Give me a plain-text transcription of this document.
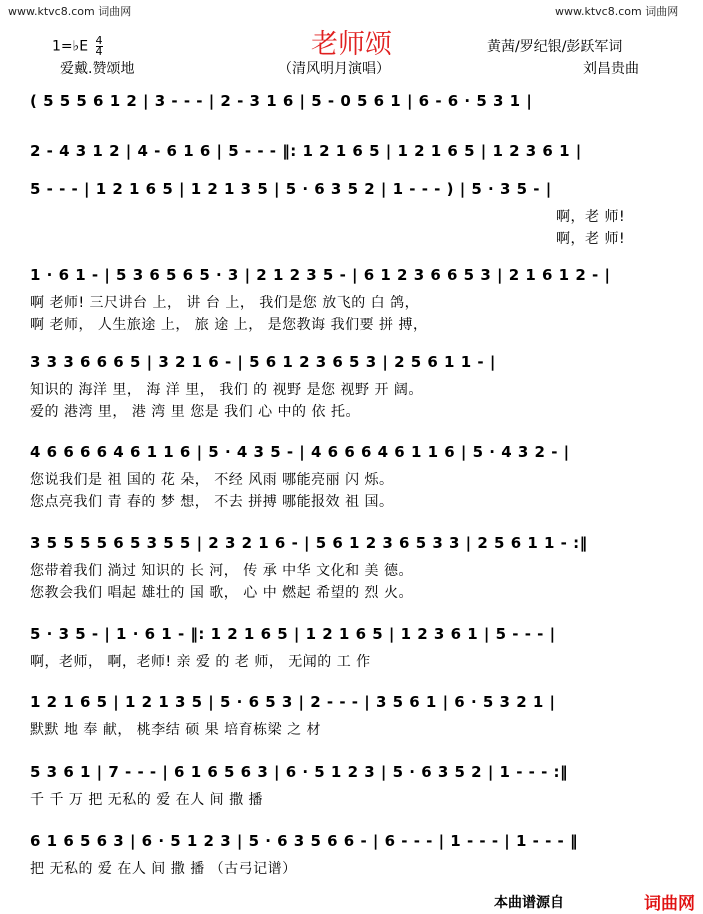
www.ktvc8.com 词曲网	www.ktvc8.com 词曲网
老师颂
1=♭E $\frac{4}{4}$
爱戴.赞颂地	（清风明月演唱）
黄茜/罗纪银/彭跃军词
刘昌贵曲
( 5 5 5 6 1 2 | 3 - - - | 2 - 3 1 6 | 5 - 0 5 6 1 | 6 - 6 · 5 3 1 |
2 - 4 3 1 2 | 4 - 6 1 6 | 5 - - - ‖: 1 2 1 6 5 | 1 2 1 6 5 | 1 2 3 6 1 |
5 - - - | 1 2 1 6 5 | 1 2 1 3 5 | 5 · 6 3 5 2 | 1 - - - ) | 5 · 3 5 - |
啊，老 师!
啊，老 师!
1 · 6 1 - | 5 3 6 5 6 5 · 3 | 2 1 2 3 5 - | 6 1 2 3 6 6 5 3 | 2 1 6 1 2 - |
啊 老师! 三尺讲台 上， 讲 台 上， 我们是您 放飞的 白 鸽，
啊 老师， 人生旅途 上， 旅 途 上， 是您教诲 我们要 拼 搏，
3 3 3 6 6 6 5 | 3 2 1 6 - | 5 6 1 2 3 6 5 3 | 2 5 6 1 1 - |
知识的 海洋 里， 海 洋 里， 我们 的 视野 是您 视野 开 阔。
爱的 港湾 里， 港 湾 里 您是 我们 心 中的 依 托。
4 6 6 6 6 4 6 1 1 6 | 5 · 4 3 5 - | 4 6 6 6 4 6 1 1 6 | 5 · 4 3 2 - |
您说我们是 祖 国的 花 朵， 不经 风雨 哪能亮丽 闪 烁。
您点亮我们 青 春的 梦 想， 不去 拼搏 哪能报效 祖 国。
3 5 5 5 5 6 5 3 5 5 | 2 3 2 1 6 - | 5 6 1 2 3 6 5 3 3 | 2 5 6 1 1 - :‖
您带着我们 淌过 知识的 长 河， 传 承 中华 文化和 美 德。
您教会我们 唱起 雄壮的 国 歌， 心 中 燃起 希望的 烈 火。
5 · 3 5 - | 1 · 6 1 - ‖: 1 2 1 6 5 | 1 2 1 6 5 | 1 2 3 6 1 | 5 - - - |
啊，老师， 啊，老师! 亲 爱 的 老 师， 无闻的 工 作
1 2 1 6 5 | 1 2 1 3 5 | 5 · 6 5 3 | 2 - - - | 3 5 6 1 | 6 · 5 3 2 1 |
默默 地 奉 献， 桃李结 硕 果 培育栋梁 之 材
5 3 6 1 | 7 - - - | 6 1 6 5 6 3 | 6 · 5 1 2 3 | 5 · 6 3 5 2 | 1 - - - :‖
千 千 万 把 无私的 爱 在人 间 撒 播
6 1 6 5 6 3 | 6 · 5 1 2 3 | 5 · 6 3 5 6 6 - | 6 - - - | 1 - - - | 1 - - - ‖
把 无私的 爱 在人 间 撒 播 （古弓记谱）
本曲谱源自	词曲网
